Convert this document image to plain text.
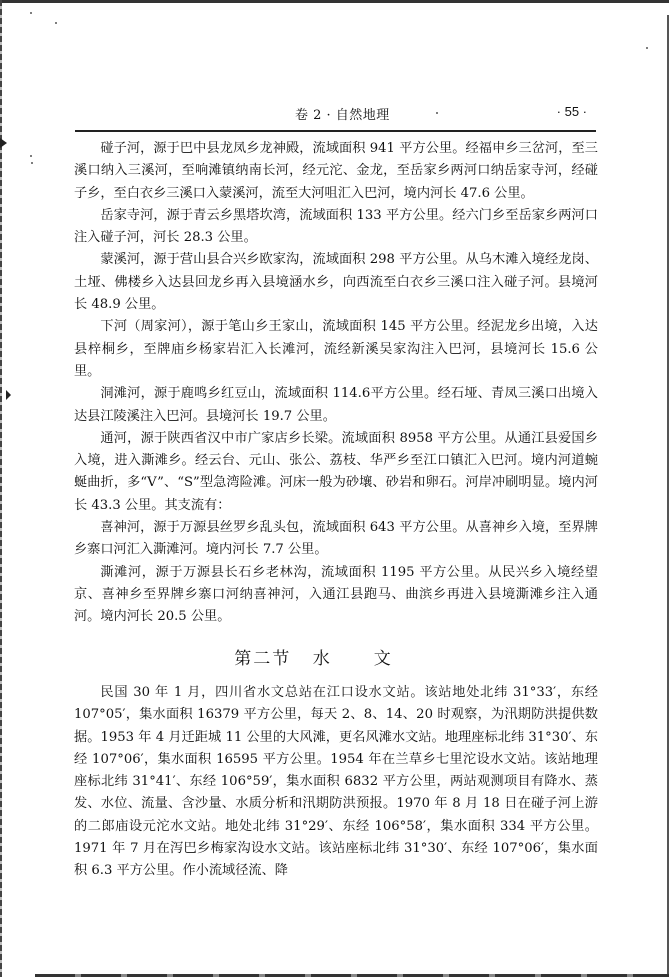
卷 2 · 自然地理	· 55 ·

碰子河，源于巴中县龙凤乡龙神殿，流域面积 941 平方公里。经福申乡三岔河，至三溪口纳入三溪河，至响滩镇纳南长河，经元沱、金龙，至岳家乡两河口纳岳家寺河，经碰子乡，至白衣乡三溪口入蒙溪河，流至大河咀汇入巴河，境内河长 47.6 公里。

岳家寺河，源于青云乡黑塔坎湾，流域面积 133 平方公里。经六门乡至岳家乡两河口注入碰子河，河长 28.3 公里。

蒙溪河，源于营山县合兴乡欧家沟，流域面积 298 平方公里。从乌木滩入境经龙岗、土垭、佛楼乡入达县回龙乡再入县境涵水乡，向西流至白衣乡三溪口注入碰子河。县境河长 48.9 公里。

下河（周家河），源于笔山乡王家山，流域面积 145 平方公里。经泥龙乡出境，入达县梓桐乡，至牌庙乡杨家岩汇入长滩河，流经新溪吴家沟注入巴河，县境河长 15.6 公里。

洞滩河，源于鹿鸣乡红豆山，流域面积 114.6平方公里。经石垭、青凤三溪口出境入达县江陵溪注入巴河。县境河长 19.7 公里。

通河，源于陕西省汉中市广家店乡长梁。流域面积 8958 平方公里。从通江县爱国乡入境，进入澌滩乡。经云台、元山、张公、荔枝、华严乡至江口镇汇入巴河。境内河道蜿蜒曲折，多“V”、“S”型急湾险滩。河床一般为砂壤、砂岩和卵石。河岸冲刷明显。境内河长 43.3 公里。其支流有：

喜神河，源于万源县丝罗乡乱头包，流域面积 643 平方公里。从喜神乡入境，至界牌乡寨口河汇入澌滩河。境内河长 7.7 公里。

澌滩河，源于万源县长石乡老林沟，流域面积 1195 平方公里。从民兴乡入境经望京、喜神乡至界牌乡寨口河纳喜神河，入通江县跑马、曲滨乡再进入县境澌滩乡注入通河。境内河长 20.5 公里。

第二节 水文

民国 30 年 1 月，四川省水文总站在江口设水文站。该站地处北纬 31°33′，东经 107°05′，集水面积 16379 平方公里，每天 2、8、14、20 时观察，为汛期防洪提供数据。1953 年 4 月迁距城 11 公里的大风滩，更名风滩水文站。地理座标北纬 31°30′、东经 107°06′，集水面积 16595 平方公里。1954 年在兰草乡七里沱设水文站。该站地理座标北纬 31°41′、东经 106°59′，集水面积 6832 平方公里，两站观测项目有降水、蒸发、水位、流量、含沙量、水质分析和汛期防洪预报。1970 年 8 月 18 日在碰子河上游的二郎庙设元沱水文站。地处北纬 31°29′、东经 106°58′，集水面积 334 平方公里。1971 年 7 月在泻巴乡梅家沟设水文站。该站座标北纬 31°30′、东经 107°06′，集水面积 6.3 平方公里。作小流域径流、降
